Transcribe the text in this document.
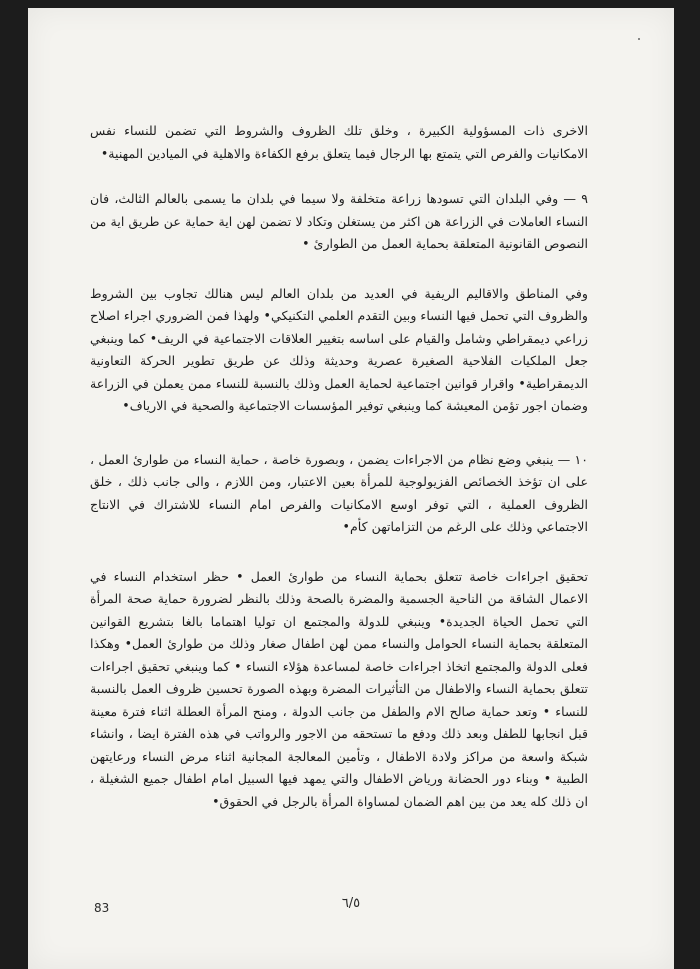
الاخرى ذات المسؤولية الكبيرة ، وخلق تلك الظروف والشروط التي تضمن للنساء نفس الامكانيات والفرص التي يتمتع بها الرجال فيما يتعلق برفع الكفاءة والاهلية في الميادين المهنية•

٩ — وفي البلدان التي تسودها زراعة متخلفة ولا سيما في بلدان ما يسمى بالعالم الثالث، فان النساء العاملات في الزراعة هن اكثر من يستغلن وتكاد لا تضمن لهن اية حماية عن طريق اية من النصوص القانونية المتعلقة بحماية العمل من الطوارئ •

وفي المناطق والاقاليم الريفية في العديد من بلدان العالم ليس هنالك تجاوب بين الشروط والظروف التي تحمل فيها النساء وبين التقدم العلمي التكنيكي• ولهذا فمن الضروري اجراء اصلاح زراعي ديمقراطي وشامل والقيام على اساسه بتغيير العلاقات الاجتماعية في الريف• كما وينبغي جعل الملكيات الفلاحية الصغيرة عصرية وحديثة وذلك عن طريق تطوير الحركة التعاونية الديمقراطية• واقرار قوانين اجتماعية لحماية العمل وذلك بالنسبة للنساء ممن يعملن في الزراعة وضمان اجور تؤمن المعيشة كما وينبغي توفير المؤسسات الاجتماعية والصحية في الارياف•

١٠ — ينبغي وضع نظام من الاجراءات يضمن ، وبصورة خاصة ، حماية النساء من طوارئ العمل ، على ان تؤخذ الخصائص الفزيولوجية للمرأة بعين الاعتبار، ومن اللازم ، والى جانب ذلك ، خلق الظروف العملية ، التي توفر اوسع الامكانيات والفرص امام النساء للاشتراك في الانتاج الاجتماعي وذلك على الرغم من التزاماتهن كأم•

تحقيق اجراءات خاصة تتعلق بحماية النساء من طوارئ العمل • حظر استخدام النساء في الاعمال الشاقة من الناحية الجسمية والمضرة بالصحة وذلك بالنظر لضرورة حماية صحة المرأة التي تحمل الحياة الجديدة• وينبغي للدولة والمجتمع ان توليا اهتماما بالغا بتشريع القوانين المتعلقة بحماية النساء الحوامل والنساء ممن لهن اطفال صغار وذلك من طوارئ العمل• وهكذا فعلى الدولة والمجتمع اتخاذ اجراءات خاصة لمساعدة هؤلاء النساء • كما وينبغي تحقيق اجراءات تتعلق بحماية النساء والاطفال من التأثيرات المضرة وبهذه الصورة تحسين ظروف العمل بالنسبة للنساء • وتعد حماية صالح الام والطفل من جانب الدولة ، ومنح المرأة العطلة اثناء فترة معينة قبل انجابها للطفل وبعد ذلك ودفع ما تستحقه من الاجور والرواتب في هذه الفترة ايضا ، وانشاء شبكة واسعة من مراكز ولادة الاطفال ، وتأمين المعالجة المجانية اثناء مرض النساء ورعايتهن الطبية • وبناء دور الحضانة ورياض الاطفال والتي يمهد فيها السبيل امام اطفال جميع الشغيلة ، ان ذلك كله يعد من بين اهم الضمان لمساواة المرأة بالرجل في الحقوق•

٦/٥
83
